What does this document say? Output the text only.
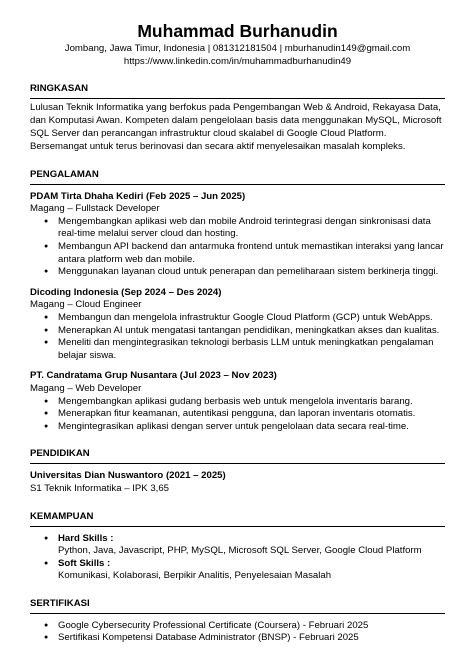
Muhammad Burhanudin
Jombang, Jawa Timur, Indonesia | 081312181504 | mburhanudin149@gmail.com
https://www.linkedin.com/in/muhammadburhanudin49
RINGKASAN
Lulusan Teknik Informatika yang berfokus pada Pengembangan Web & Android, Rekayasa Data, dan Komputasi Awan. Kompeten dalam pengelolaan basis data menggunakan MySQL, Microsoft SQL Server dan perancangan infrastruktur cloud skalabel di Google Cloud Platform. Bersemangat untuk terus berinovasi dan secara aktif menyelesaikan masalah kompleks.
PENGALAMAN
PDAM Tirta Dhaha Kediri (Feb 2025 – Jun 2025)
Magang – Fullstack Developer
● Mengembangkan aplikasi web dan mobile Android terintegrasi dengan sinkronisasi data real-time melalui server cloud dan hosting.
● Membangun API backend dan antarmuka frontend untuk memastikan interaksi yang lancar antara platform web dan mobile.
● Menggunakan layanan cloud untuk penerapan dan pemeliharaan sistem berkinerja tinggi.
Dicoding Indonesia (Sep 2024 – Des 2024)
Magang – Cloud Engineer
● Membangun dan mengelola infrastruktur Google Cloud Platform (GCP) untuk WebApps.
● Menerapkan AI untuk mengatasi tantangan pendidikan, meningkatkan akses dan kualitas.
● Meneliti dan mengintegrasikan teknologi berbasis LLM untuk meningkatkan pengalaman belajar siswa.
PT. Candratama Grup Nusantara (Jul 2023 – Nov 2023)
Magang – Web Developer
● Mengembangkan aplikasi gudang berbasis web untuk mengelola inventaris barang.
● Menerapkan fitur keamanan, autentikasi pengguna, dan laporan inventaris otomatis.
● Mengintegrasikan aplikasi dengan server untuk pengelolaan data secara real-time.
PENDIDIKAN
Universitas Dian Nuswantoro (2021 – 2025)
S1 Teknik Informatika – IPK 3,65
KEMAMPUAN
● Hard Skills :
Python, Java, Javascript, PHP, MySQL, Microsoft SQL Server, Google Cloud Platform
● Soft Skills :
Komunikasi, Kolaborasi, Berpikir Analitis, Penyelesaian Masalah
SERTIFIKASI
● Google Cybersecurity Professional Certificate (Coursera) - Februari 2025
● Sertifikasi Kompetensi Database Administrator (BNSP) - Februari 2025
